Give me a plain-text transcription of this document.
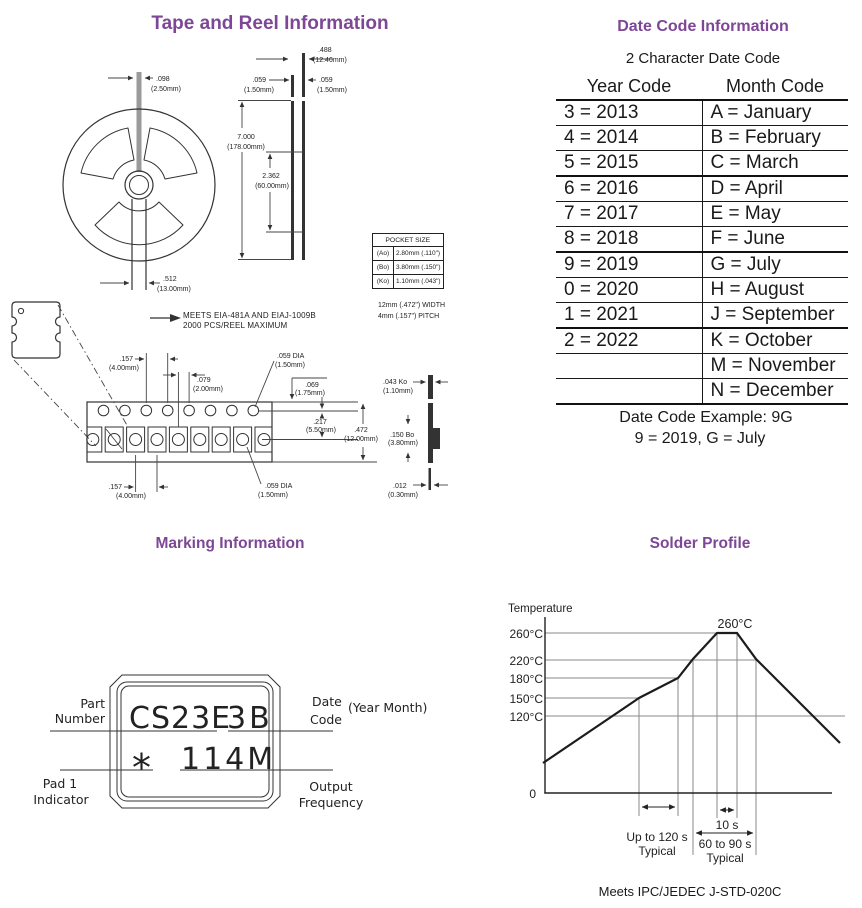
Tape and Reel Information	Date Code Information
Marking Information	Solder Profile
.098
(2.50mm)
.512
(13.00mm)
.488
(12.40mm)
.059
(1.50mm)
.059
(1.50mm)
7.000
(178.00mm)
2.362
(60.00mm)
MEETS EIA-481A AND EIAJ-1009B
2000 PCS/REEL MAXIMUM
12mm (.472") WIDTH
4mm (.157") PITCH
.157
(4.00mm)
.079
(2.00mm)
.059 DIA
(1.50mm)
.157
(4.00mm)
.059 DIA
(1.50mm)
.069
(1.75mm)
.217
(5.50mm)	.472
(12.00mm)
.043 Ko
(1.10mm)
.150 Bo
(3.80mm)
.012
(0.30mm)
POCKET SIZE	
(Ao)	2.80mm (.110")
(Bo)	3.80mm (.150")
(Ko)	1.10mm (.043")
2 Character Date Code
Year Code	Month Code
3 = 2013	A = January
4 = 2014	B = February
5 = 2015	C = March
6 = 2016	D = April
7 = 2017	E = May
8 = 2018	F = June
9 = 2019	G = July
0 = 2020	H = August
1 = 2021	J = September
2 = 2022	K = October
	M = November
	N = December
Date Code Example: 9G
9 = 2019, G = July
CS23E
3B
* 114M
Part
Number
Pad 1
Indicator
Date
Code
(Year Month)
Output
Frequency
Temperature
260°C
220°C
180°C
150°C
120°C
0
260°C
Up to 120 s
Typical
10 s
60 to 90 s
Typical
Meets IPC/JEDEC J-STD-020C
